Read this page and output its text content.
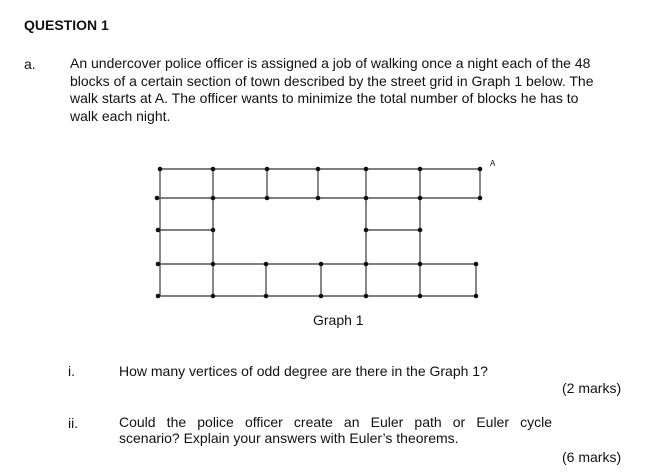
QUESTION 1
a. An undercover police officer is assigned a job of walking once a night each of the 48
blocks of a certain section of town described by the street grid in Graph 1 below. The
walk starts at A. The officer wants to minimize the total number of blocks he has to
walk each night.
A
Graph 1
i.	How many vertices of odd degree are there in the Graph 1?
(2 marks)
ii.	Could the police officer create an Euler path or Euler cycle
scenario? Explain your answers with Euler’s theorems.
(6 marks)
